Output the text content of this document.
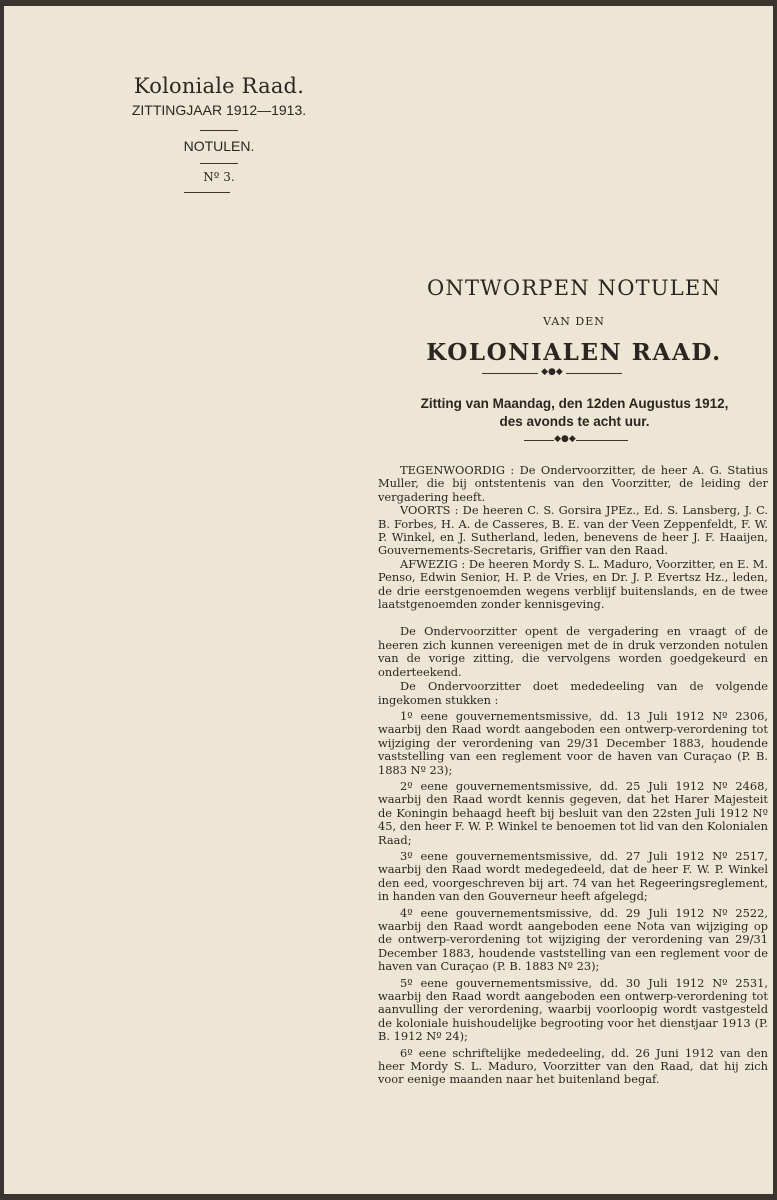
Koloniale Raad.
ZITTINGJAAR 1912—1913.
NOTULEN.
Nº 3.
ONTWORPEN NOTULEN
VAN DEN
KOLONIALEN RAAD.
◆●◆
Zitting van Maandag, den 12den Augustus 1912,
des avonds te acht uur.
◆●◆

TEGENWOORDIG : De Ondervoorzitter, de heer A. G. Statius Muller, die bij ontstentenis van den Voorzitter, de leiding der vergadering heeft.

VOORTS : De heeren C. S. Gorsira JPEz., Ed. S. Lansberg, J. C. B. Forbes, H. A. de Casseres, B. E. van der Veen Zeppenfeldt, F. W. P. Winkel, en J. Sutherland, leden, benevens de heer J. F. Haaijen, Gouvernements-Secretaris, Griffier van den Raad.

AFWEZIG : De heeren Mordy S. L. Maduro, Voorzitter, en E. M. Penso, Edwin Senior, H. P. de Vries, en Dr. J. P. Evertsz Hz., leden, de drie eerstgenoemden wegens verblijf buitenslands, en de twee laatstgenoemden zonder kennisgeving.

De Ondervoorzitter opent de vergadering en vraagt of de heeren zich kunnen vereenigen met de in druk verzonden notulen van de vorige zitting, die vervolgens worden goedgekeurd en onderteekend.

De Ondervoorzitter doet mededeeling van de volgende ingekomen stukken :

1º eene gouvernementsmissive, dd. 13 Juli 1912 Nº 2306, waarbij den Raad wordt aangeboden een ontwerp-verordening tot wijziging der verordening van 29/31 December 1883, houdende vaststelling van een reglement voor de haven van Curaçao (P. B. 1883 Nº 23);

2º eene gouvernementsmissive, dd. 25 Juli 1912 Nº 2468, waarbij den Raad wordt kennis gegeven, dat het Harer Majesteit de Koningin behaagd heeft bij besluit van den 22sten Juli 1912 Nº 45, den heer F. W. P. Winkel te benoemen tot lid van den Kolonialen Raad;

3º eene gouvernementsmissive, dd. 27 Juli 1912 Nº 2517, waarbij den Raad wordt medegedeeld, dat de heer F. W. P. Winkel den eed, voorgeschreven bij art. 74 van het Regeeringsreglement, in handen van den Gouverneur heeft afgelegd;

4º eene gouvernementsmissive, dd. 29 Juli 1912 Nº 2522, waarbij den Raad wordt aangeboden eene Nota van wijziging op de ontwerp-verordening tot wijziging der verordening van 29/31 December 1883, houdende vaststelling van een reglement voor de haven van Curaçao (P. B. 1883 Nº 23);

5º eene gouvernementsmissive, dd. 30 Juli 1912 Nº 2531, waarbij den Raad wordt aangeboden een ontwerp-verordening tot aanvulling der verordening, waarbij voorloopig wordt vastgesteld de koloniale huishoudelijke begrooting voor het dienstjaar 1913 (P. B. 1912 Nº 24);

6º eene schriftelijke mededeeling, dd. 26 Juni 1912 van den heer Mordy S. L. Maduro, Voorzitter van den Raad, dat hij zich voor eenige maanden naar het buitenland begaf.
